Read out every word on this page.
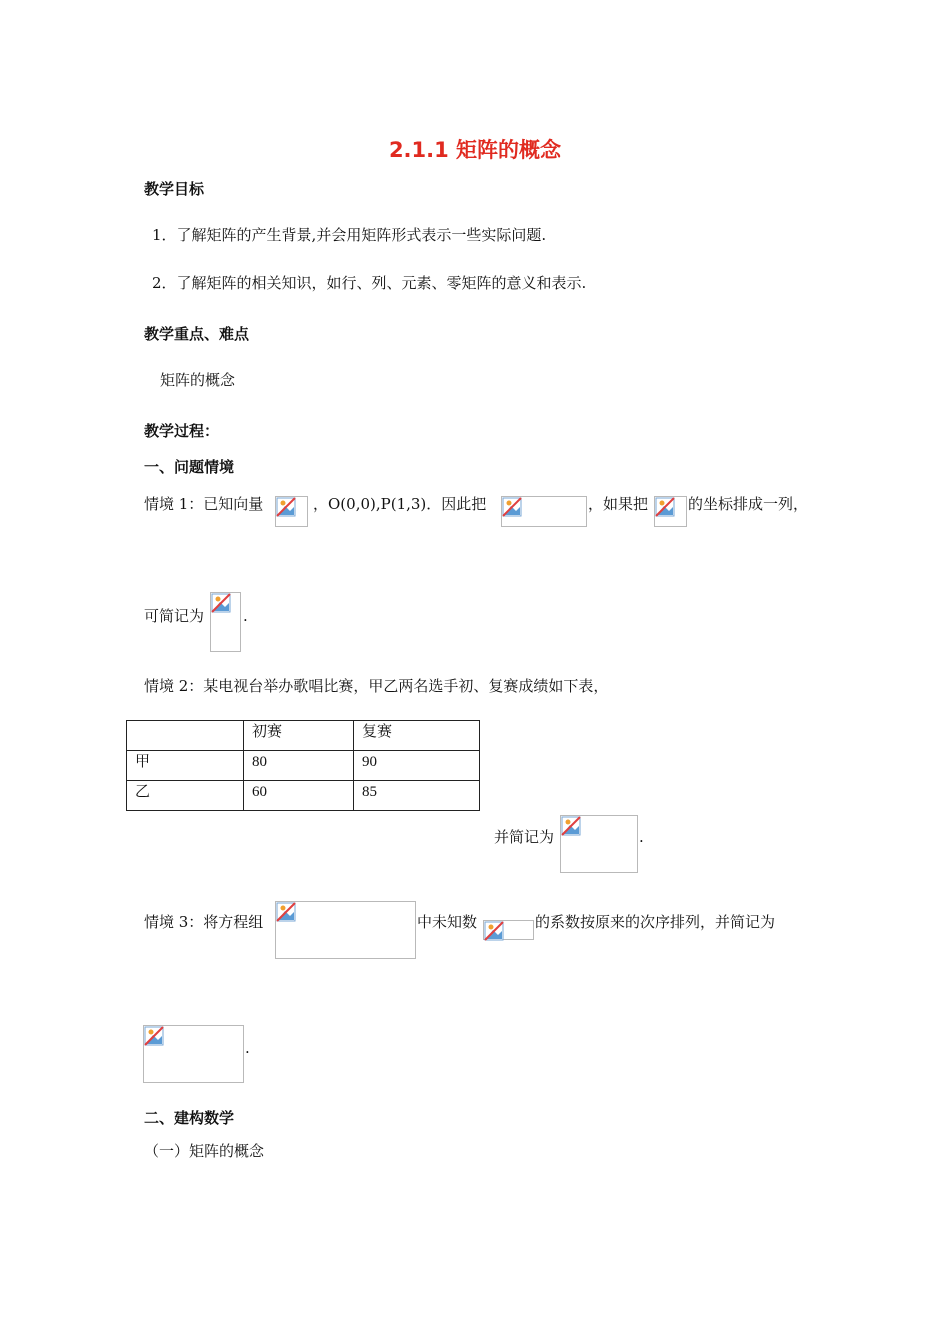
2.1.1 矩阵的概念
教学目标
1．了解矩阵的产生背景,并会用矩阵形式表示一些实际问题.
2．了解矩阵的相关知识，如行、列、元素、零矩阵的意义和表示.
教学重点、难点
矩阵的概念
教学过程：
一、问题情境
情境 1：已知向量	，O(0,0),P(1,3)．因此把	，如果把	的坐标排成一列，
可简记为	.
情境 2：某电视台举办歌唱比赛，甲乙两名选手初、复赛成绩如下表，
	初赛	复赛
甲	80	90
乙	60	85
并简记为	.
情境 3：将方程组	中未知数	的系数按原来的次序排列，并简记为
.
二、建构数学
（一）矩阵的概念
